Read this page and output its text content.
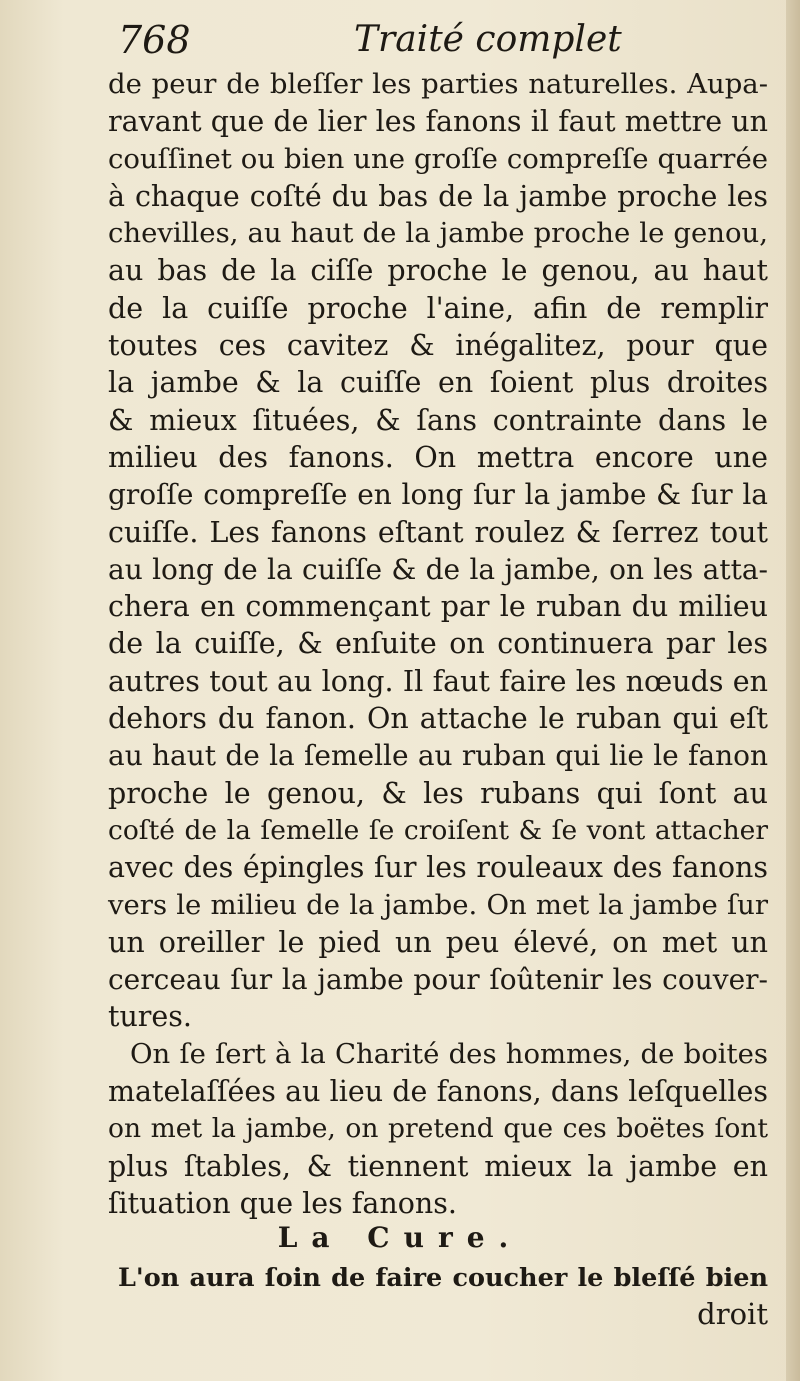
768	Traité complet
de peur de bleſſer les parties naturelles. Aupa-
ravant que de lier les fanons il faut mettre un
couſſinet ou bien une groſſe compreſſe quarrée
à chaque coſté du bas de la jambe proche les
chevilles, au haut de la jambe proche le genou,
au bas de la ciſſe proche le genou, au haut
de la cuiſſe proche l'aine, afin de remplir
toutes ces cavitez & inégalitez, pour que
la jambe & la cuiſſe en ſoient plus droites
& mieux ſituées, & ſans contrainte dans le
milieu des fanons. On mettra encore une
groſſe compreſſe en long ſur la jambe & ſur la
cuiſſe. Les fanons eſtant roulez & ſerrez tout
au long de la cuiſſe & de la jambe, on les atta-
chera en commençant par le ruban du milieu
de la cuiſſe, & enſuite on continuera par les
autres tout au long. Il faut faire les nœuds en
dehors du fanon. On attache le ruban qui eſt
au haut de la ſemelle au ruban qui lie le fanon
proche le genou, & les rubans qui ſont au
coſté de la ſemelle ſe croiſent & ſe vont attacher
avec des épingles ſur les rouleaux des fanons
vers le milieu de la jambe. On met la jambe ſur
un oreiller le pied un peu élevé, on met un
cerceau ſur la jambe pour ſoûtenir les couver-
tures.
On ſe ſert à la Charité des hommes, de boites
matelaſſées au lieu de fanons, dans leſquelles
on met la jambe, on pretend que ces boëtes ſont
plus ſtables, & tiennent mieux la jambe en
ſituation que les fanons.
La Cure.
L'on aura ſoin de faire coucher le bleſſé bien
droit
